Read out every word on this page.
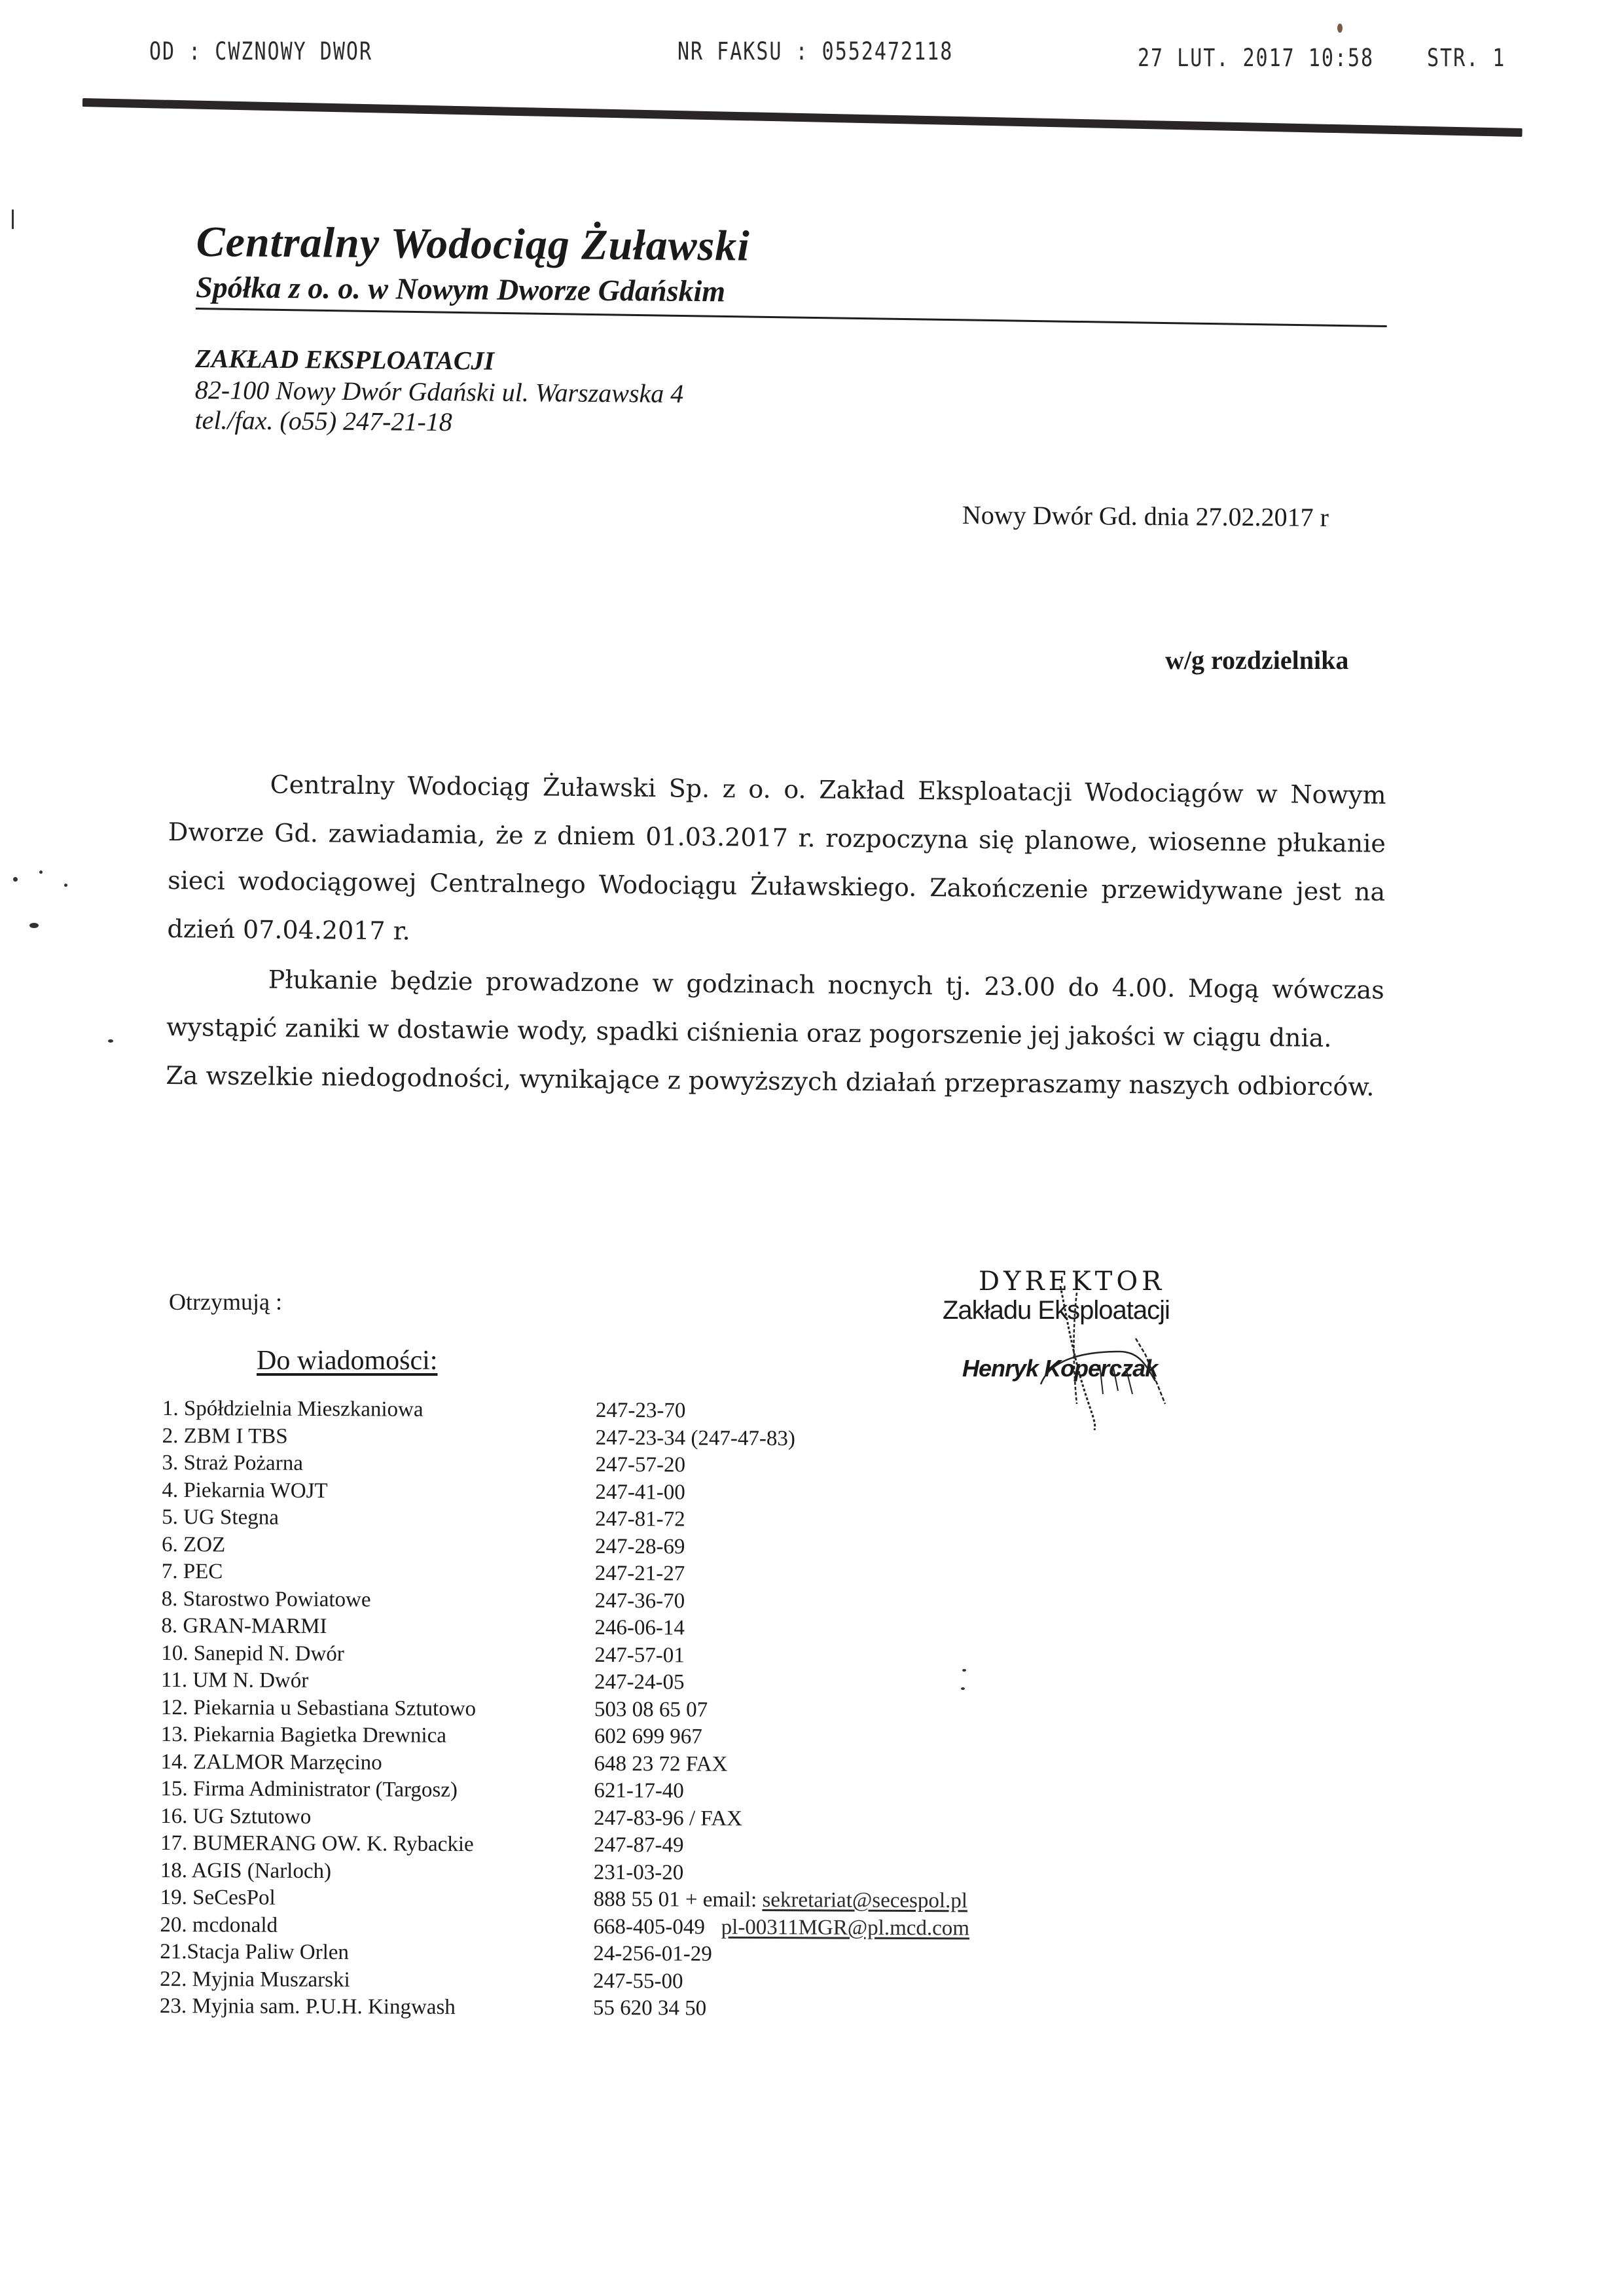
OD : CWZNOWY DWOR	NR FAKSU : 0552472118	27 LUT. 2017 10:58	STR. 1
Centralny Wodociąg Żuławski
Spółka z o. o. w Nowym Dworze Gdańskim
ZAKŁAD EKSPLOATACJI
82-100 Nowy Dwór Gdański ul. Warszawska 4
tel./fax. (o55) 247-21-18
Nowy Dwór Gd. dnia 27.02.2017 r
w/g rozdzielnika

Centralny Wodociąg Żuławski Sp. z o. o. Zakład Eksploatacji Wodociągów w Nowym Dworze Gd. zawiadamia, że z dniem 01.03.2017 r. rozpoczyna się planowe, wiosenne płukanie sieci wodociągowej Centralnego Wodociągu Żuławskiego. Zakończenie przewidywane jest na dzień 07.04.2017 r.

Płukanie będzie prowadzone w godzinach nocnych tj. 23.00 do 4.00. Mogą wówczas wystąpić zaniki w dostawie wody, spadki ciśnienia oraz pogorszenie jej jakości w ciągu dnia.

Za wszelkie niedogodności, wynikające z powyższych działań przepraszamy naszych odbiorców.

DYREKTOR
Zakładu Eksploatacji
Henryk Koperczak
Otrzymują :
Do wiadomości:
1. Spółdzielnia Mieszkaniowa	247-23-70
2. ZBM I TBS	247-23-34 (247-47-83)
3. Straż Pożarna	247-57-20
4. Piekarnia WOJT	247-41-00
5. UG Stegna	247-81-72
6. ZOZ	247-28-69
7. PEC	247-21-27
8. Starostwo Powiatowe	247-36-70
8. GRAN-MARMI	246-06-14
10. Sanepid N. Dwór	247-57-01
11. UM N. Dwór	247-24-05
12. Piekarnia u Sebastiana Sztutowo	503 08 65 07
13. Piekarnia Bagietka Drewnica	602 699 967
14. ZALMOR Marzęcino	648 23 72 FAX
15. Firma Administrator (Targosz)	621-17-40
16. UG Sztutowo	247-83-96 / FAX
17. BUMERANG OW. K. Rybackie	247-87-49
18. AGIS (Narloch)	231-03-20
19. SeCesPol	888 55 01 + email: sekretariat@secespol.pl
20. mcdonald	668-405-049   pl-00311MGR@pl.mcd.com
21.Stacja Paliw Orlen	24-256-01-29
22. Myjnia Muszarski	247-55-00
23. Myjnia sam. P.U.H. Kingwash	55 620 34 50
